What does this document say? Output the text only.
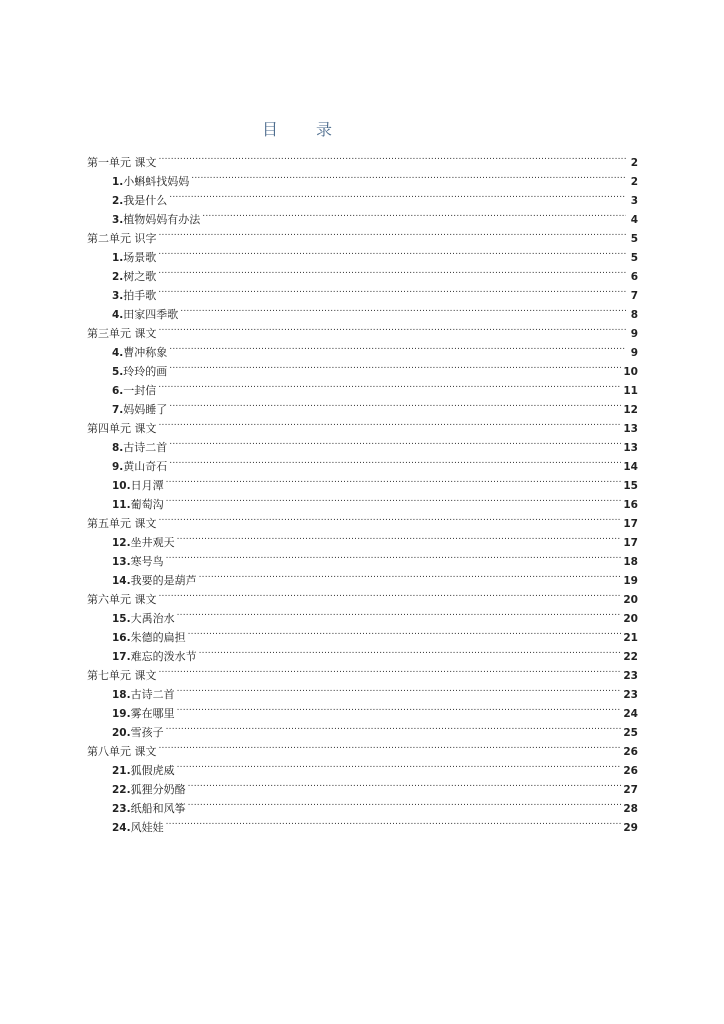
目 录
第一单元 课文 .....	2
1. 小蝌蚪找妈妈 .....	2
2. 我是什么 .....	3
3. 植物妈妈有办法 .....	4
第二单元 识字 .....	5
1. 场景歌 .....	5
2. 树之歌 .....	6
3. 拍手歌 .....	7
4. 田家四季歌 .....	8
第三单元 课文 .....	9
4. 曹冲称象 .....	9
5. 玲玲的画 .....	10
6. 一封信 .....	11
7. 妈妈睡了 .....	12
第四单元 课文 .....	13
8. 古诗二首 .....	13
9. 黄山奇石 .....	14
10. 日月潭 .....	15
11. 葡萄沟 .....	16
第五单元 课文 .....	17
12. 坐井观天 .....	17
13. 寒号鸟 .....	18
14. 我要的是葫芦 .....	19
第六单元 课文 .....	20
15. 大禹治水 .....	20
16. 朱德的扁担 .....	21
17. 难忘的泼水节 .....	22
第七单元 课文 .....	23
18. 古诗二首 .....	23
19. 雾在哪里 .....	24
20. 雪孩子 .....	25
第八单元 课文 .....	26
21. 狐假虎威 .....	26
22. 狐狸分奶酪 .....	27
23. 纸船和风筝 .....	28
24. 风娃娃 .....	29
